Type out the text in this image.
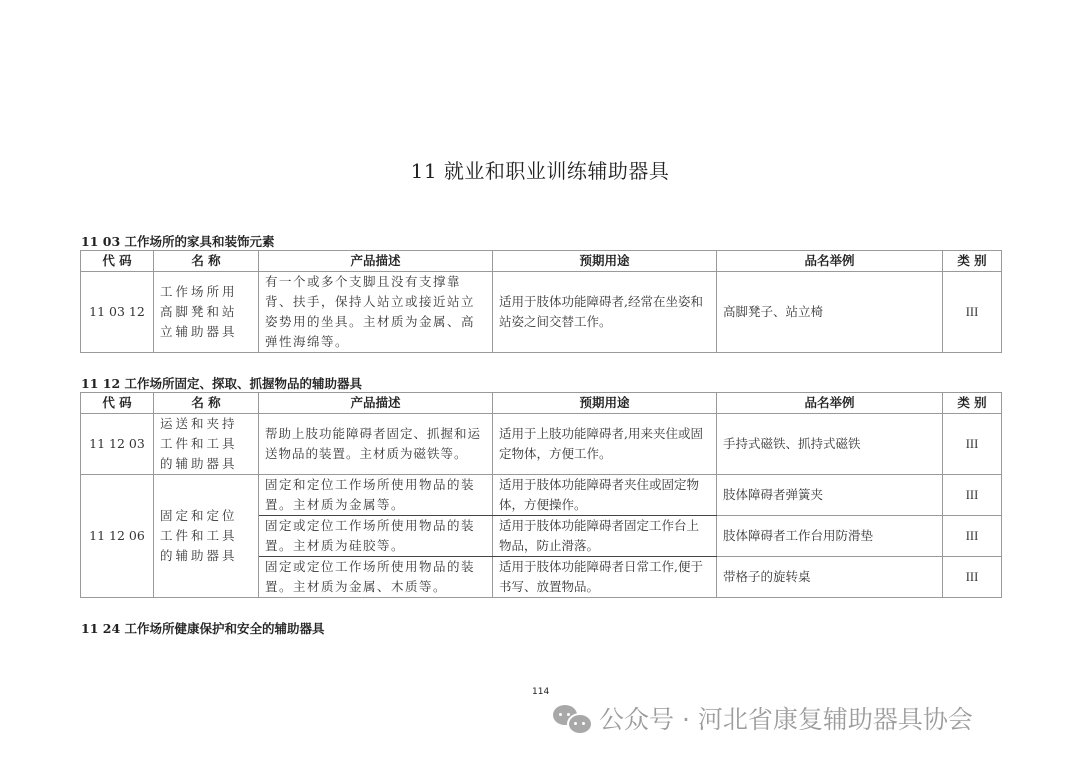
11 就业和职业训练辅助器具
11 03 工作场所的家具和装饰元素
代 码	名 称	产品描述	预期用途	品名举例	类 别
11 03 12	工作场所用高脚凳和站立辅助器具	有一个或多个支脚且没有支撑靠背、扶手，保持人站立或接近站立姿势用的坐具。主材质为金属、高弹性海绵等。	适用于肢体功能障碍者,经常在坐姿和站姿之间交替工作。	高脚凳子、站立椅	III
11 12 工作场所固定、探取、抓握物品的辅助器具
代 码	名 称	产品描述	预期用途	品名举例	类 别
11 12 03	运送和夹持工件和工具的辅助器具	帮助上肢功能障碍者固定、抓握和运送物品的装置。主材质为磁铁等。	适用于上肢功能障碍者,用来夹住或固定物体，方便工作。	手持式磁铁、抓持式磁铁	III
11 12 06	固定和定位工件和工具的辅助器具	固定和定位工作场所使用物品的装置。主材质为金属等。	适用于肢体功能障碍者夹住或固定物体，方便操作。	肢体障碍者弹簧夹	III
		固定或定位工作场所使用物品的装置。主材质为硅胶等。	适用于肢体功能障碍者固定工作台上物品，防止滑落。	肢体障碍者工作台用防滑垫	III
		固定或定位工作场所使用物品的装置。主材质为金属、木质等。	适用于肢体功能障碍者日常工作,便于书写、放置物品。	带格子的旋转桌	III
11 24 工作场所健康保护和安全的辅助器具
114
公众号 · 河北省康复辅助器具协会
